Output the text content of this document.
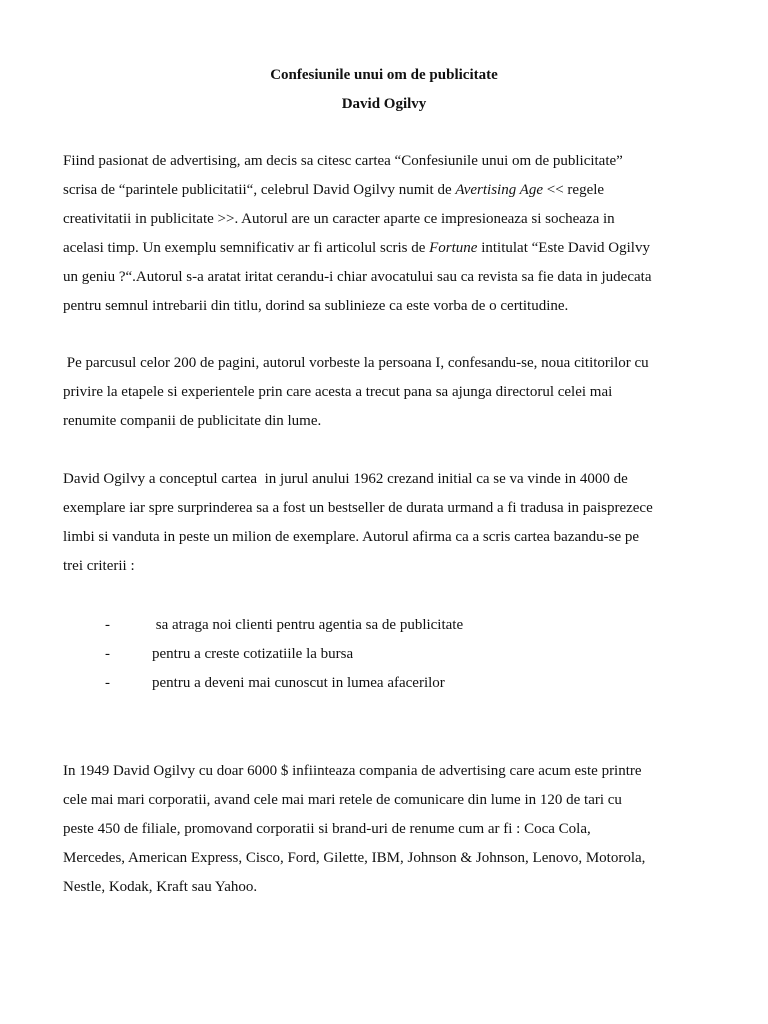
Confesiunile unui om de publicitate

David Ogilvy

Fiind pasionat de advertising, am decis sa citesc cartea “Confesiunile unui om de publicitate”
scrisa de “parintele publicitatii“, celebrul David Ogilvy numit de Avertising Age << regele
creativitatii in publicitate >>. Autorul are un caracter aparte ce impresioneaza si socheaza in
acelasi timp. Un exemplu semnificativ ar fi articolul scris de Fortune intitulat “Este David Ogilvy
un geniu ?“.Autorul s-a aratat iritat cerandu-i chiar avocatului sau ca revista sa fie data in judecata
pentru semnul intrebarii din titlu, dorind sa sublinieze ca este vorba de o certitudine.

Pe parcusul celor 200 de pagini, autorul vorbeste la persoana I, confesandu-se, noua cititorilor cu
privire la etapele si experientele prin care acesta a trecut pana sa ajunga directorul celei mai
renumite companii de publicitate din lume.

David Ogilvy a conceptul cartea  in jurul anului 1962 crezand initial ca se va vinde in 4000 de
exemplare iar spre surprinderea sa a fost un bestseller de durata urmand a fi tradusa in paisprezece
limbi si vanduta in peste un milion de exemplare. Autorul afirma ca a scris cartea bazandu-se pe
trei criterii :

-	sa atraga noi clienti pentru agentia sa de publicitate
-	pentru a creste cotizatiile la bursa
-	pentru a deveni mai cunoscut in lumea afacerilor

In 1949 David Ogilvy cu doar 6000 $ infiinteaza compania de advertising care acum este printre
cele mai mari corporatii, avand cele mai mari retele de comunicare din lume in 120 de tari cu
peste 450 de filiale, promovand corporatii si brand-uri de renume cum ar fi : Coca Cola,
Mercedes, American Express, Cisco, Ford, Gilette, IBM, Johnson & Johnson, Lenovo, Motorola,
Nestle, Kodak, Kraft sau Yahoo.
